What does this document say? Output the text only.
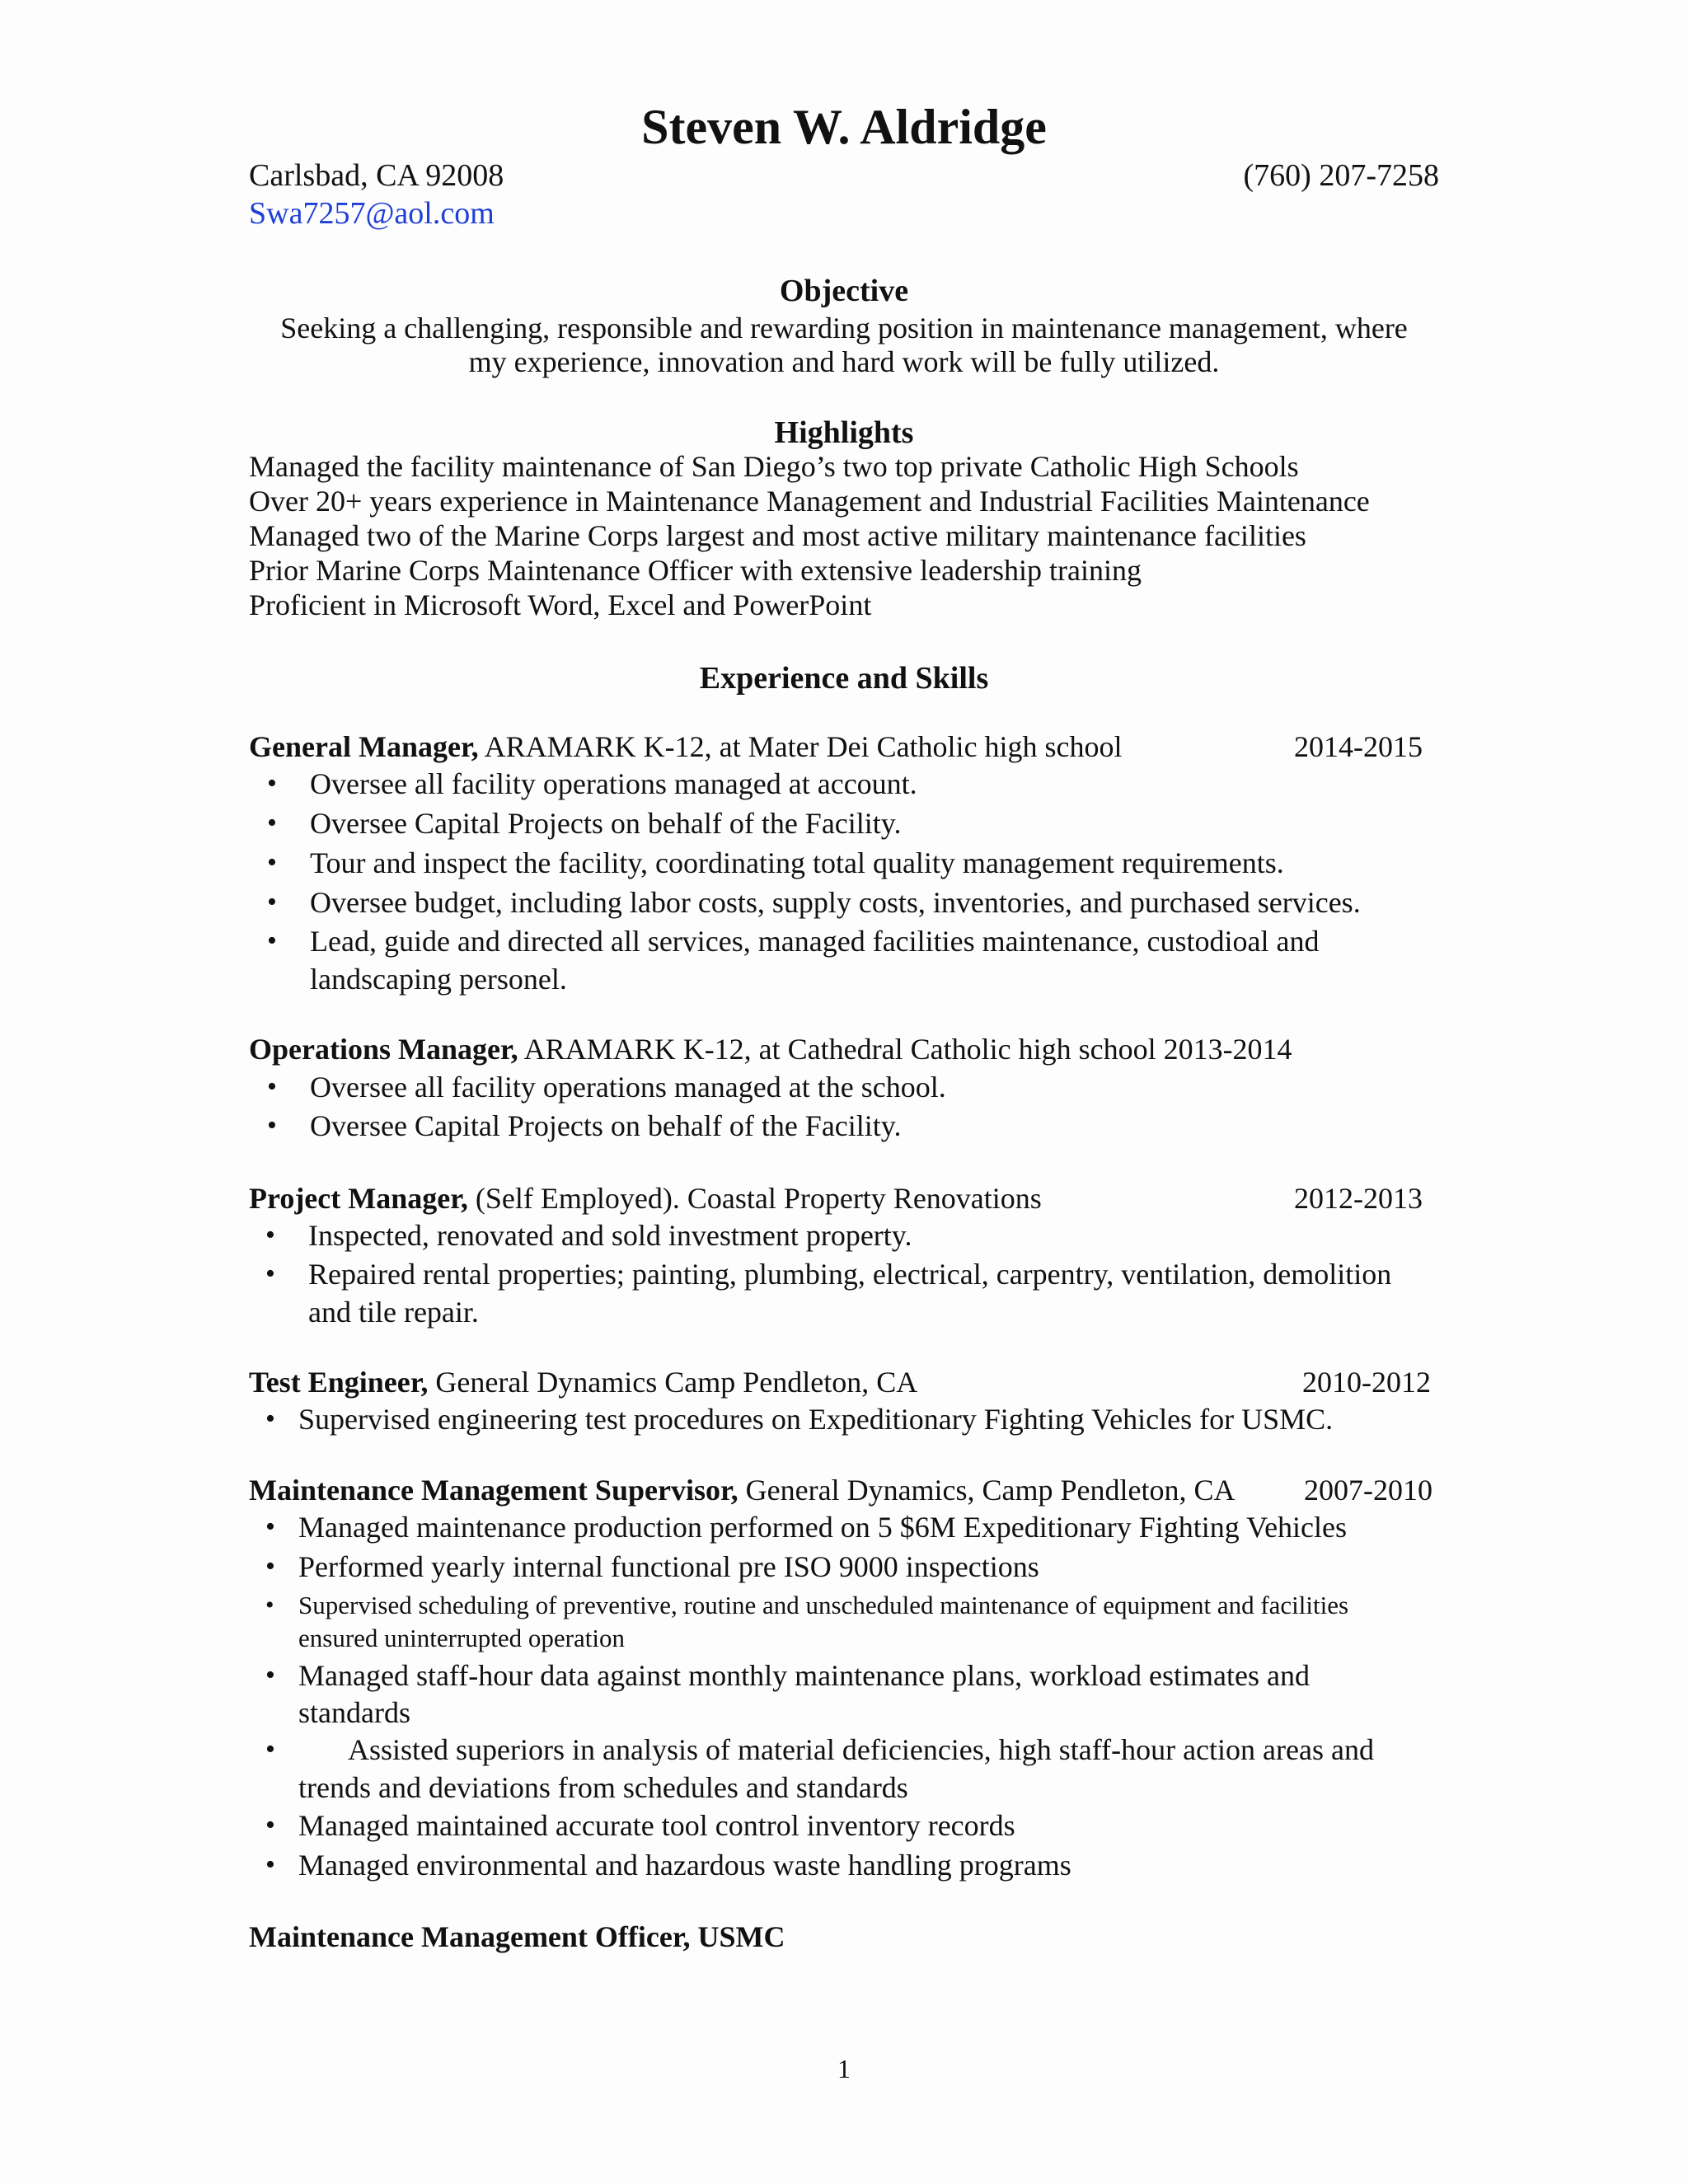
Steven W. Aldridge
Carlsbad, CA 92008	(760) 207-7258
Swa7257@aol.com
Objective
Seeking a challenging, responsible and rewarding position in maintenance management, where
my experience, innovation and hard work will be fully utilized.
Highlights
Managed the facility maintenance of San Diego’s two top private Catholic High Schools
Over 20+ years experience in Maintenance Management and Industrial Facilities Maintenance
Managed two of the Marine Corps largest and most active military maintenance facilities
Prior Marine Corps Maintenance Officer with extensive leadership training
Proficient in Microsoft Word, Excel and PowerPoint
Experience and Skills
General Manager, ARAMARK K-12, at Mater Dei Catholic high school	2014-2015
• Oversee all facility operations managed at account.
• Oversee Capital Projects on behalf of the Facility.
• Tour and inspect the facility, coordinating total quality management requirements.
• Oversee budget, including labor costs, supply costs, inventories, and purchased services.
• Lead, guide and directed all services, managed facilities maintenance, custodioal and
landscaping personel.
Operations Manager, ARAMARK K-12, at Cathedral Catholic high school 2013-2014
• Oversee all facility operations managed at the school.
• Oversee Capital Projects on behalf of the Facility.
Project Manager, (Self Employed). Coastal Property Renovations	2012-2013
• Inspected, renovated and sold investment property.
• Repaired rental properties; painting, plumbing, electrical, carpentry, ventilation, demolition
and tile repair.
Test Engineer, General Dynamics Camp Pendleton, CA	2010-2012
• Supervised engineering test procedures on Expeditionary Fighting Vehicles for USMC.
Maintenance Management Supervisor, General Dynamics, Camp Pendleton, CA 2007-2010
• Managed maintenance production performed on 5 $6M Expeditionary Fighting Vehicles
• Performed yearly internal functional pre ISO 9000 inspections
• Supervised scheduling of preventive, routine and unscheduled maintenance of equipment and facilities
ensured uninterrupted operation
• Managed staff-hour data against monthly maintenance plans, workload estimates and
standards
• Assisted superiors in analysis of material deficiencies, high staff-hour action areas and
trends and deviations from schedules and standards
• Managed maintained accurate tool control inventory records
• Managed environmental and hazardous waste handling programs
Maintenance Management Officer, USMC
1
